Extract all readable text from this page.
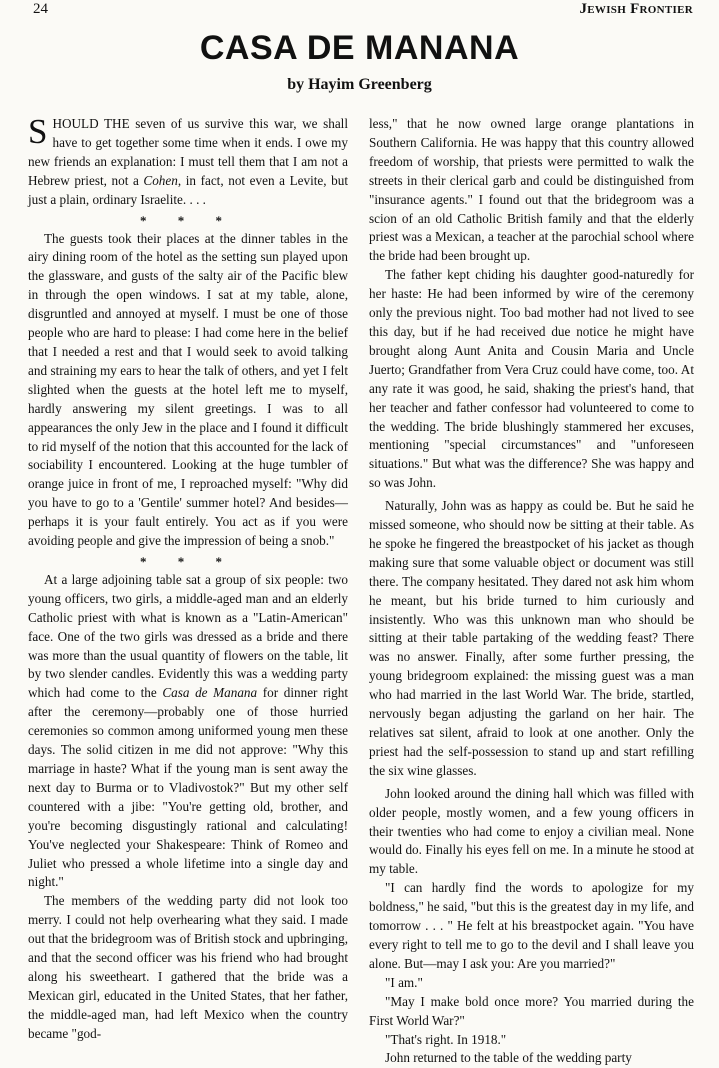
24	Jewish Frontier
CASA DE MANANA
by Hayim Greenberg

SHOULD THE seven of us survive this war, we shall have to get together some time when it ends. I owe my new friends an explanation: I must tell them that I am not a Hebrew priest, not a Cohen, in fact, not even a Levite, but just a plain, ordinary Israelite. . . .

* * *

The guests took their places at the dinner tables in the airy dining room of the hotel as the setting sun played upon the glassware, and gusts of the salty air of the Pacific blew in through the open windows. I sat at my table, alone, disgruntled and annoyed at myself. I must be one of those people who are hard to please: I had come here in the belief that I needed a rest and that I would seek to avoid talking and straining my ears to hear the talk of others, and yet I felt slighted when the guests at the hotel left me to myself, hardly answering my silent greetings. I was to all appearances the only Jew in the place and I found it difficult to rid myself of the notion that this accounted for the lack of sociability I encountered. Looking at the huge tumbler of orange juice in front of me, I reproached myself: "Why did you have to go to a 'Gentile' summer hotel? And besides—perhaps it is your fault entirely. You act as if you were avoiding people and give the impression of being a snob."

* * *

At a large adjoining table sat a group of six people: two young officers, two girls, a middle-aged man and an elderly Catholic priest with what is known as a "Latin-American" face. One of the two girls was dressed as a bride and there was more than the usual quantity of flowers on the table, lit by two slender candles. Evidently this was a wedding party which had come to the Casa de Manana for dinner right after the ceremony—probably one of those hurried ceremonies so common among uniformed young men these days. The solid citizen in me did not approve: "Why this marriage in haste? What if the young man is sent away the next day to Burma or to Vladivostok?" But my other self countered with a jibe: "You're getting old, brother, and you're becoming disgustingly rational and calculating! You've neglected your Shakespeare: Think of Romeo and Juliet who pressed a whole lifetime into a single day and night."

The members of the wedding party did not look too merry. I could not help overhearing what they said. I made out that the bridegroom was of British stock and upbringing, and that the second officer was his friend who had brought along his sweetheart. I gathered that the bride was a Mexican girl, educated in the United States, that her father, the middle-aged man, had left Mexico when the country became "god-

less," that he now owned large orange plantations in Southern California. He was happy that this country allowed freedom of worship, that priests were permitted to walk the streets in their clerical garb and could be distinguished from "insurance agents." I found out that the bridegroom was a scion of an old Catholic British family and that the elderly priest was a Mexican, a teacher at the parochial school where the bride had been brought up.

The father kept chiding his daughter good-naturedly for her haste: He had been informed by wire of the ceremony only the previous night. Too bad mother had not lived to see this day, but if he had received due notice he might have brought along Aunt Anita and Cousin Maria and Uncle Juerto; Grandfather from Vera Cruz could have come, too. At any rate it was good, he said, shaking the priest's hand, that her teacher and father confessor had volunteered to come to the wedding. The bride blushingly stammered her excuses, mentioning "special circumstances" and "unforeseen situations." But what was the difference? She was happy and so was John.

Naturally, John was as happy as could be. But he said he missed someone, who should now be sitting at their table. As he spoke he fingered the breastpocket of his jacket as though making sure that some valuable object or document was still there. The company hesitated. They dared not ask him whom he meant, but his bride turned to him curiously and insistently. Who was this unknown man who should be sitting at their table partaking of the wedding feast? There was no answer. Finally, after some further pressing, the young bridegroom explained: the missing guest was a man who had married in the last World War. The bride, startled, nervously began adjusting the garland on her hair. The relatives sat silent, afraid to look at one another. Only the priest had the self-possession to stand up and start refilling the six wine glasses.

John looked around the dining hall which was filled with older people, mostly women, and a few young officers in their twenties who had come to enjoy a civilian meal. None would do. Finally his eyes fell on me. In a minute he stood at my table.

"I can hardly find the words to apologize for my boldness," he said, "but this is the greatest day in my life, and tomorrow . . . " He felt at his breastpocket again. "You have every right to tell me to go to the devil and I shall leave you alone. But—may I ask you: Are you married?"

"I am."

"May I make bold once more? You married during the First World War?"

"That's right. In 1918."

John returned to the table of the wedding party
